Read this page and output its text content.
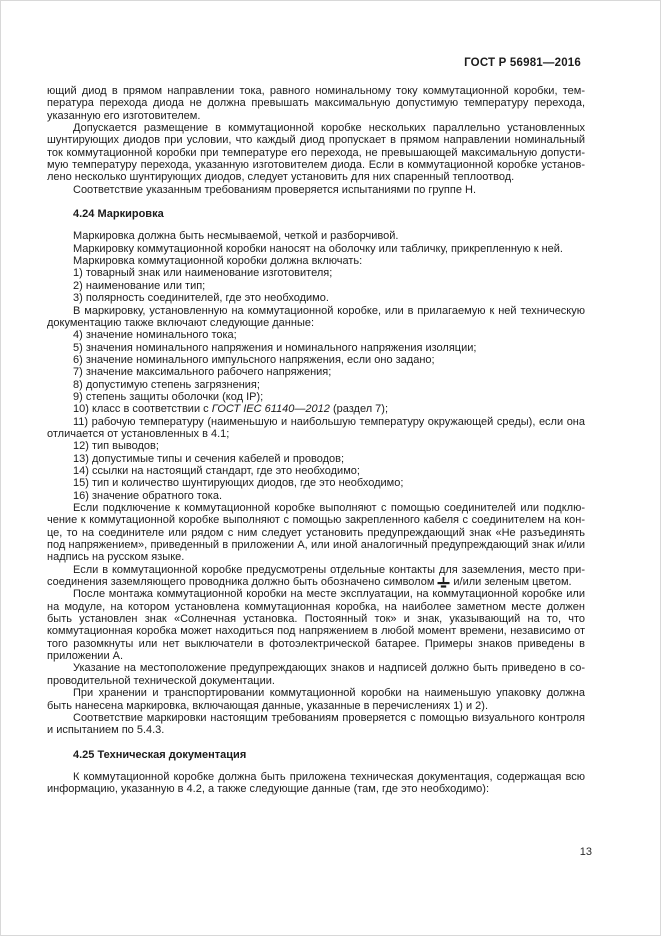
ГОСТ Р 56981—2016

ющий диод в прямом направлении тока, равного номинальному току коммутационной коробки, температура перехода диода не должна превышать максимальную допустимую температуру перехода, указанную его изготовителем.

Допускается размещение в коммутационной коробке нескольких параллельно установленных шунтирующих диодов при условии, что каждый диод пропускает в прямом направлении номинальный ток коммутационной коробки при температуре его перехода, не превышающей максимальную допустимую температуру перехода, указанную изготовителем диода. Если в коммутационной коробке установлено несколько шунтирующих диодов, следует установить для них спаренный теплоотвод.

Соответствие указанным требованиям проверяется испытаниями по группе Н.

4.24 Маркировка

Маркировка должна быть несмываемой, четкой и разборчивой.

Маркировку коммутационной коробки наносят на оболочку или табличку, прикрепленную к ней.

Маркировка коммутационной коробки должна включать:

1) товарный знак или наименование изготовителя;

2) наименование или тип;

3) полярность соединителей, где это необходимо.

В маркировку, установленную на коммутационной коробке, или в прилагаемую к ней техническую документацию также включают следующие данные:

4) значение номинального тока;

5) значения номинального напряжения и номинального напряжения изоляции;

6) значение номинального импульсного напряжения, если оно задано;

7) значение максимального рабочего напряжения;

8) допустимую степень загрязнения;

9) степень защиты оболочки (код IP);

10) класс в соответствии с ГОСТ IEC 61140—2012 (раздел 7);

11) рабочую температуру (наименьшую и наибольшую температуру окружающей среды), если она отличается от установленных в 4.1;

12) тип выводов;

13) допустимые типы и сечения кабелей и проводов;

14) ссылки на настоящий стандарт, где это необходимо;

15) тип и количество шунтирующих диодов, где это необходимо;

16) значение обратного тока.

Если подключение к коммутационной коробке выполняют с помощью соединителей или подключение к коммутационной коробке выполняют с помощью закрепленного кабеля с соединителем на конце, то на соединителе или рядом с ним следует установить предупреждающий знак «Не разъединять под напряжением», приведенный в приложении А, или иной аналогичный предупреждающий знак и/или надпись на русском языке.

Если в коммутационной коробке предусмотрены отдельные контакты для заземления, место присоединения заземляющего проводника должно быть обозначено символом и/или зеленым цветом.

После монтажа коммутационной коробки на месте эксплуатации, на коммутационной коробке или на модуле, на котором установлена коммутационная коробка, на наиболее заметном месте должен быть установлен знак «Солнечная установка. Постоянный ток» и знак, указывающий на то, что коммутационная коробка может находиться под напряжением в любой момент времени, независимо от того разомкнуты или нет выключатели в фотоэлектрической батарее. Примеры знаков приведены в приложении А.

Указание на местоположение предупреждающих знаков и надписей должно быть приведено в сопроводительной технической документации.

При хранении и транспортировании коммутационной коробки на наименьшую упаковку должна быть нанесена маркировка, включающая данные, указанные в перечислениях 1) и 2).

Соответствие маркировки настоящим требованиям проверяется с помощью визуального контроля и испытанием по 5.4.3.

4.25 Техническая документация

К коммутационной коробке должна быть приложена техническая документация, содержащая всю информацию, указанную в 4.2, а также следующие данные (там, где это необходимо):

13
